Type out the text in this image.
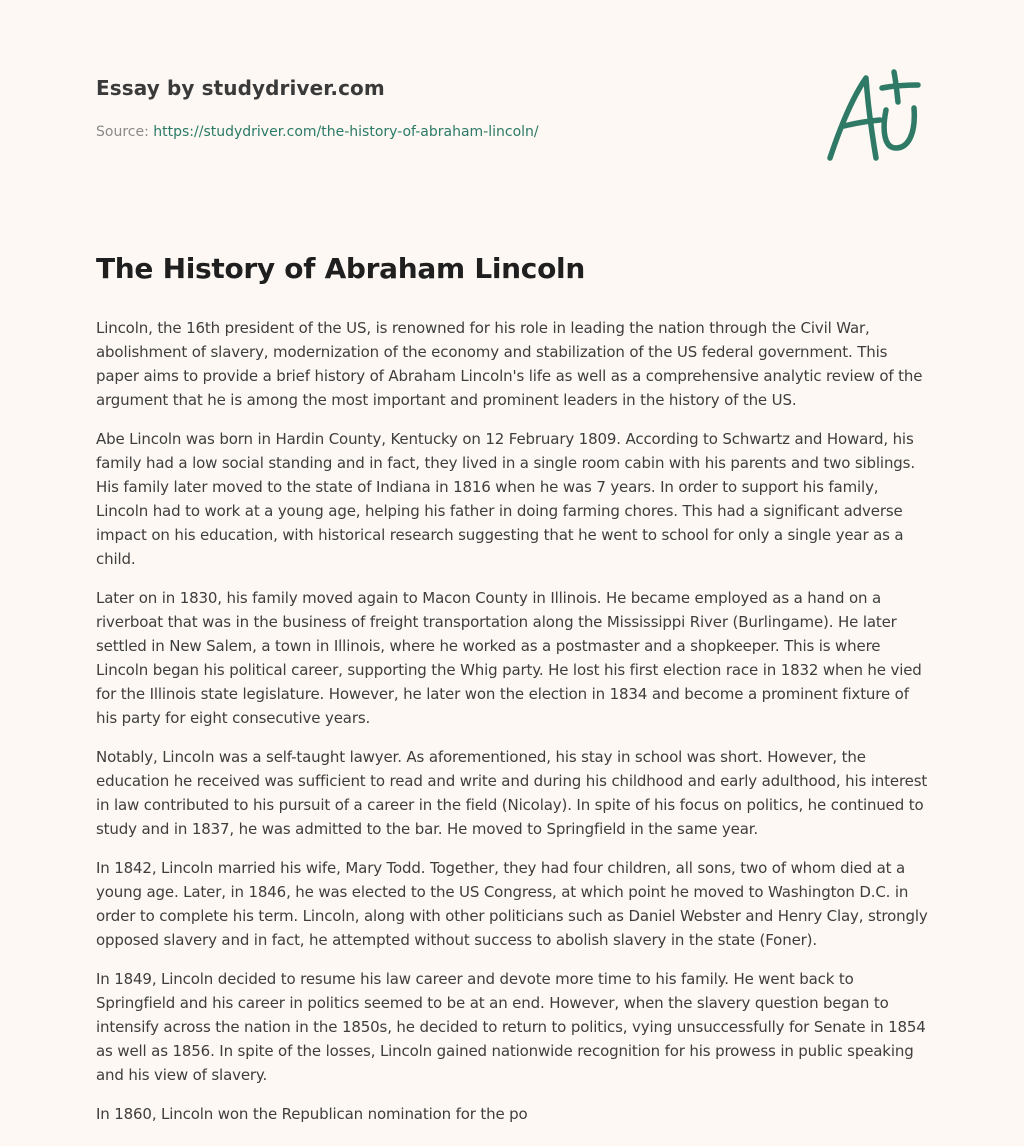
Essay by studydriver.com
Source: https://studydriver.com/the-history-of-abraham-lincoln/
The History of Abraham Lincoln

Lincoln, the 16th president of the US, is renowned for his role in leading the nation through the Civil War, abolishment of slavery, modernization of the economy and stabilization of the US federal government. This paper aims to provide a brief history of Abraham Lincoln's life as well as a comprehensive analytic review of the argument that he is among the most important and prominent leaders in the history of the US.

Abe Lincoln was born in Hardin County, Kentucky on 12 February 1809. According to Schwartz and Howard, his family had a low social standing and in fact, they lived in a single room cabin with his parents and two siblings. His family later moved to the state of Indiana in 1816 when he was 7 years. In order to support his family, Lincoln had to work at a young age, helping his father in doing farming chores. This had a significant adverse impact on his education, with historical research suggesting that he went to school for only a single year as a child.

Later on in 1830, his family moved again to Macon County in Illinois. He became employed as a hand on a riverboat that was in the business of freight transportation along the Mississippi River (Burlingame). He later settled in New Salem, a town in Illinois, where he worked as a postmaster and a shopkeeper. This is where Lincoln began his political career, supporting the Whig party. He lost his first election race in 1832 when he vied for the Illinois state legislature. However, he later won the election in 1834 and become a prominent fixture of his party for eight consecutive years.

Notably, Lincoln was a self-taught lawyer. As aforementioned, his stay in school was short. However, the education he received was sufficient to read and write and during his childhood and early adulthood, his interest in law contributed to his pursuit of a career in the field (Nicolay). In spite of his focus on politics, he continued to study and in 1837, he was admitted to the bar. He moved to Springfield in the same year.

In 1842, Lincoln married his wife, Mary Todd. Together, they had four children, all sons, two of whom died at a young age. Later, in 1846, he was elected to the US Congress, at which point he moved to Washington D.C. in order to complete his term. Lincoln, along with other politicians such as Daniel Webster and Henry Clay, strongly opposed slavery and in fact, he attempted without success to abolish slavery in the state (Foner).

In 1849, Lincoln decided to resume his law career and devote more time to his family. He went back to Springfield and his career in politics seemed to be at an end. However, when the slavery question began to intensify across the nation in the 1850s, he decided to return to politics, vying unsuccessfully for Senate in 1854 as well as 1856. In spite of the losses, Lincoln gained nationwide recognition for his prowess in public speaking and his view of slavery.

In 1860, Lincoln won the Republican nomination for the po
